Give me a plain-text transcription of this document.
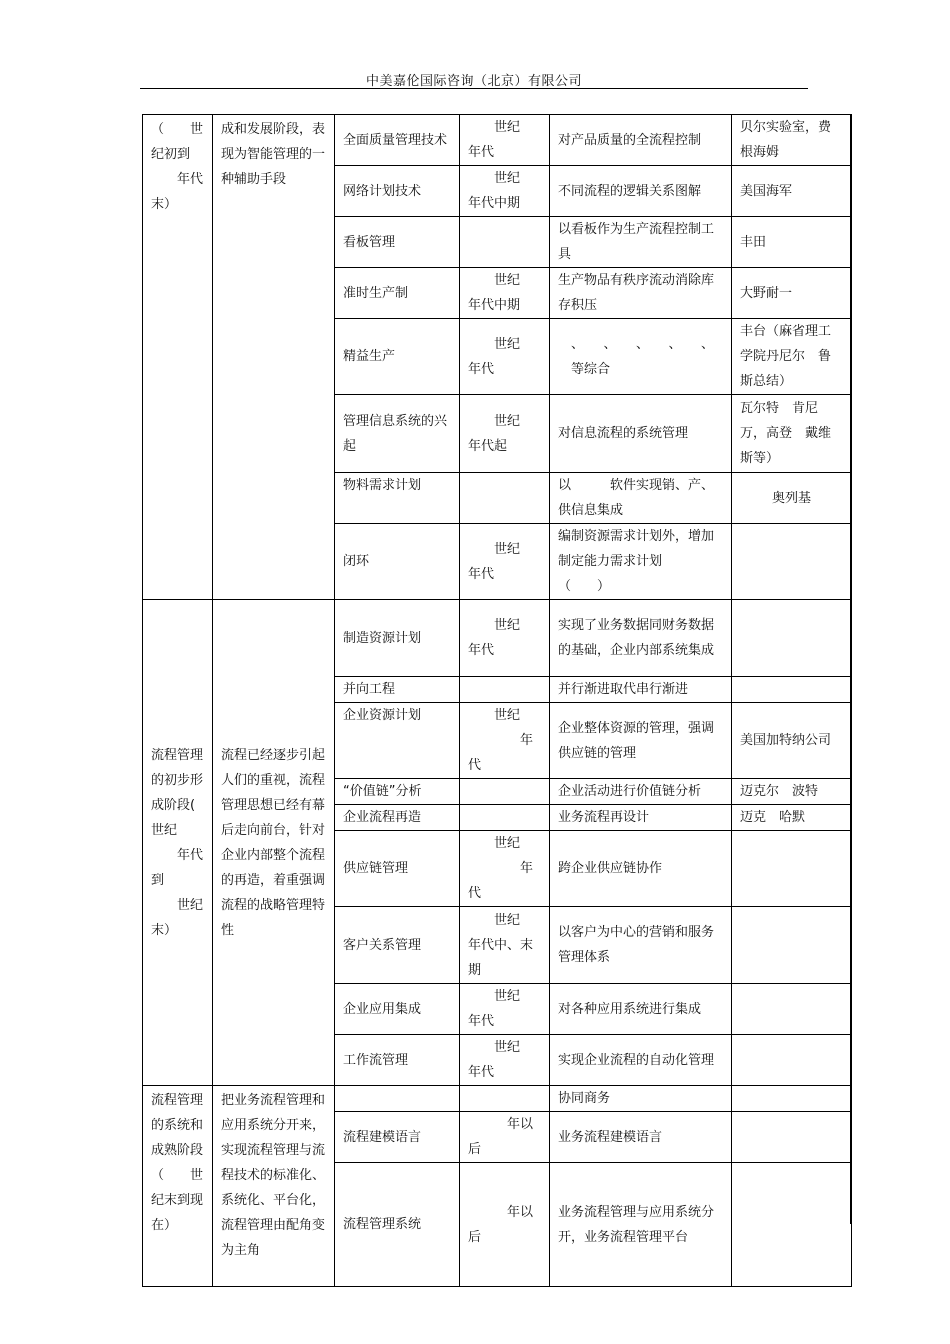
中美嘉伦国际咨询（北京）有限公司
（　　世
纪初到
　　年代
末）	成和发展阶段，表现为智能管理的一种辅助手段	全面质量管理技术	　　世纪
年代	对产品质量的全流程控制	贝尔实验室，费根海姆
		网络计划技术	　　世纪
年代中期	不同流程的逻辑关系图解	美国海军
		看板管理		以看板作为生产流程控制工具	丰田
		准时生产制	　　世纪
年代中期	生产物品有秩序流动消除库存积压	大野耐一
		精益生产	　　世纪
年代	　、　　、　　、　　、　　、
　等综合	丰台（麻省理工学院丹尼尔　鲁斯总结）
		管理信息系统的兴起	　　世纪
年代起	对信息流程的系统管理	瓦尔特　肯尼万，高登　戴维斯等）
		物料需求计划		以　　　软件实现销、产、供信息集成	奥列基
		闭环	　　世纪
年代	编制资源需求计划外，增加制定能力需求计划
（　　）	
流程管理的初步形成阶段(　　世纪
　　年代到
　　世纪
末）	流程已经逐步引起人们的重视，流程管理思想已经有幕后走向前台，针对企业内部整个流程的再造，着重强调流程的战略管理特性	制造资源计划	　　世纪
年代	实现了业务数据同财务数据的基础，企业内部系统集成	
		并向工程		并行渐进取代串行渐进	
		企业资源计划	　　世纪
　　　　年代	企业整体资源的管理，强调供应链的管理	美国加特纳公司
		“价值链”分析		企业活动进行价值链分析	迈克尔　波特
		企业流程再造		业务流程再设计	迈克　哈默
		供应链管理	　　世纪
　　　　年代	跨企业供应链协作	
		客户关系管理	　　世纪
年代中、末期	以客户为中心的营销和服务管理体系	
		企业应用集成	　　世纪
年代	对各种应用系统进行集成	
		工作流管理	　　世纪
年代	实现企业流程的自动化管理	
流程管理的系统和成熟阶段（　　世纪末到现在）	把业务流程管理和应用系统分开来，实现流程管理与流程技术的标准化、系统化、平台化，流程管理由配角变为主角			协同商务	
		流程建模语言	　　　年以
后	业务流程建模语言	
		流程管理系统	　　　年以
后	业务流程管理与应用系统分开，业务流程管理平台	
